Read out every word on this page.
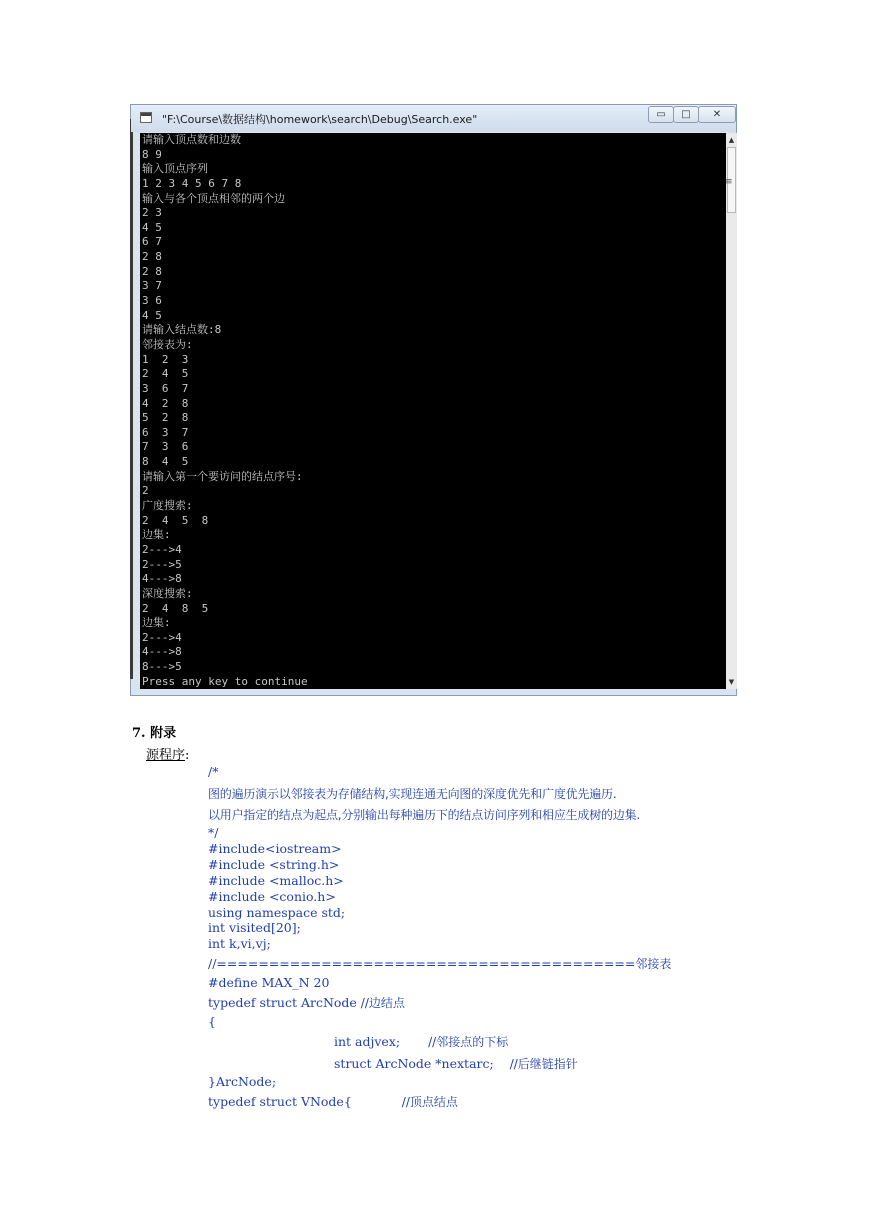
"F:\Course\数据结构\homework\search\Debug\Search.exe"	▭	□	✕
请输入顶点数和边数
8 9
输入顶点序列
1 2 3 4 5 6 7 8
输入与各个顶点相邻的两个边
2 3
4 5
6 7
2 8
2 8
3 7
3 6
4 5
请输入结点数:8
邻接表为:
1  2  3
2  4  5
3  6  7
4  2  8
5  2  8
6  3  7
7  3  6
8  4  5
请输入第一个要访问的结点序号:
2
广度搜索:
2  4  5  8
边集:
2--->4
2--->5
4--->8
深度搜索:
2  4  8  5
边集:
2--->4
4--->8
8--->5
Press any key to continue
▲
≡
▼
7. 附录
源程序:
/*
图的遍历演示以邻接表为存储结构,实现连通无向图的深度优先和广度优先遍历.
以用户指定的结点为起点,分别输出每种遍历下的结点访问序列和相应生成树的边集.
*/
#include<iostream>
#include <string.h>
#include <malloc.h>
#include <conio.h>
using namespace std;
int visited[20];
int k,vi,vj;
//========================================邻接表
#define MAX_N 20
typedef struct ArcNode //边结点
{
int adjvex; //邻接点的下标
struct ArcNode *nextarc; //后继链指针
}ArcNode;
typedef struct VNode{	//顶点结点
